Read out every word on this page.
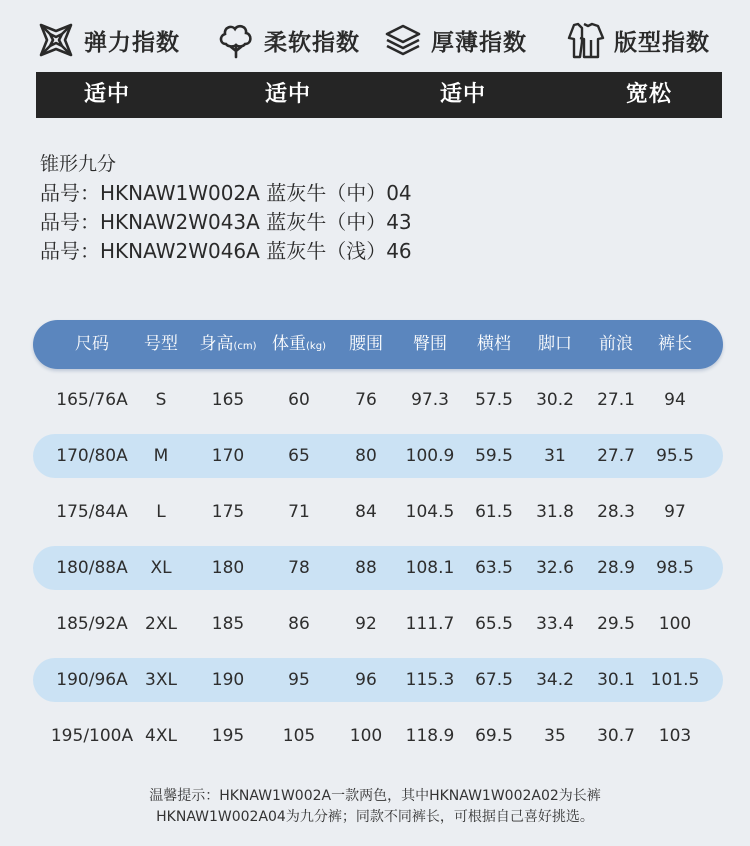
弹力指数	柔软指数	厚薄指数	版型指数
适中	适中	适中	宽松
锥形九分
品号：HKNAW1W002A 蓝灰牛（中）04
品号：HKNAW2W043A 蓝灰牛（中）43
品号：HKNAW2W046A 蓝灰牛（浅）46
尺码 号型 身高(cm) 体重(kg) 腰围 臀围 横档 脚口 前浪 裤长
165/76A S	165	60	76 97.3 57.5 30.2 27.1 94
170/80A M	170	65	80 100.9 59.5 31 27.7 95.5
175/84A L	175	71	84 104.5 61.5 31.8 28.3 97
180/88A XL 180	78	88 108.1 63.5 32.6 28.9 98.5
185/92A 2XL 185	86	92 111.7 65.5 33.4 29.5 100
190/96A 3XL 190	95	96 115.3 67.5 34.2 30.1 101.5
195/100A 4XL 195 105 100 118.9 69.5 35 30.7 103
温馨提示：HKNAW1W002A一款两色，其中HKNAW1W002A02为长裤
HKNAW1W002A04为九分裤；同款不同裤长，可根据自己喜好挑选。
